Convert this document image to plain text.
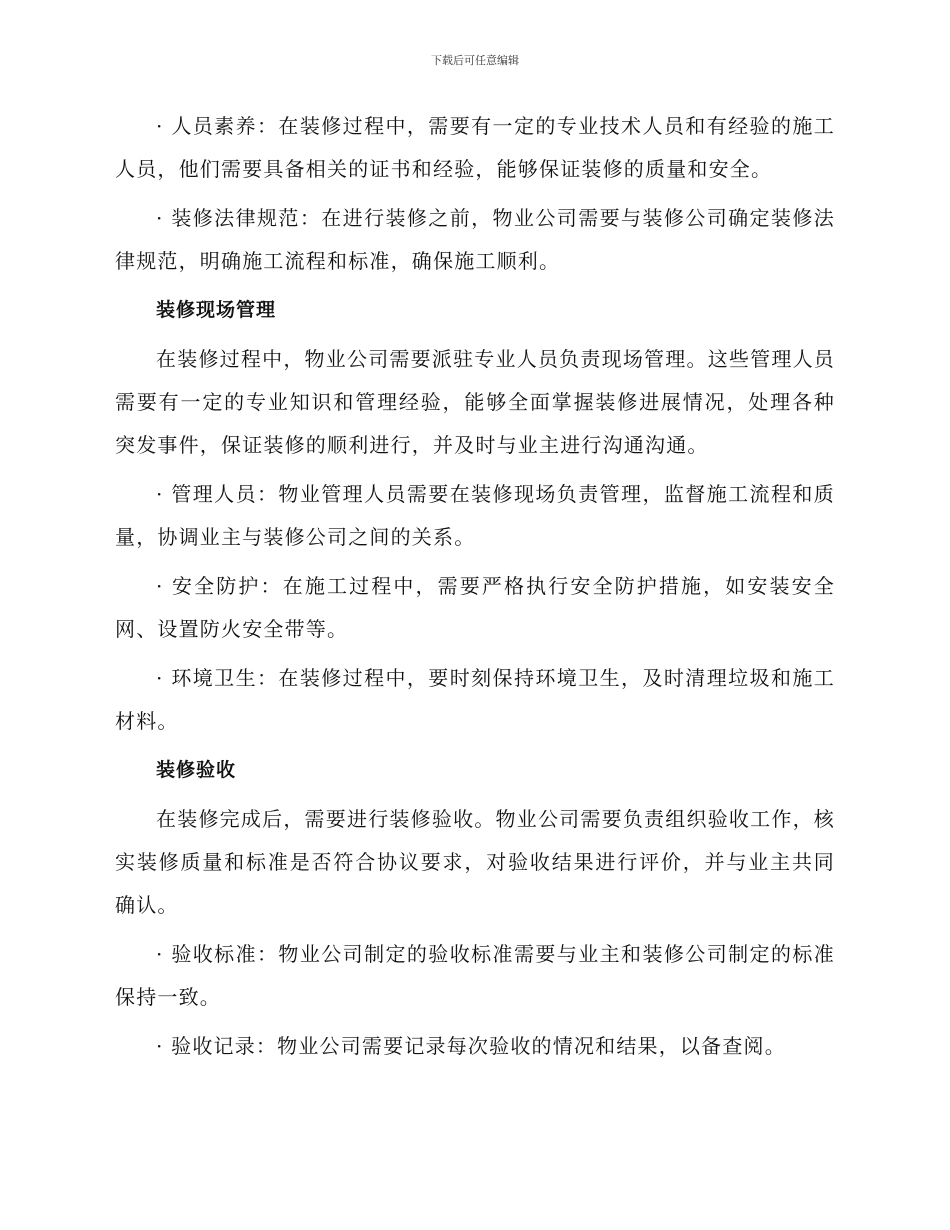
下载后可任意编辑

· 人员素养：在装修过程中，需要有一定的专业技术人员和有经验的施工人员，他们需要具备相关的证书和经验，能够保证装修的质量和安全。

· 装修法律规范：在进行装修之前，物业公司需要与装修公司确定装修法律规范，明确施工流程和标准，确保施工顺利。

装修现场管理

在装修过程中，物业公司需要派驻专业人员负责现场管理。这些管理人员需要有一定的专业知识和管理经验，能够全面掌握装修进展情况，处理各种突发事件，保证装修的顺利进行，并及时与业主进行沟通沟通。

· 管理人员：物业管理人员需要在装修现场负责管理，监督施工流程和质量，协调业主与装修公司之间的关系。

· 安全防护：在施工过程中，需要严格执行安全防护措施，如安装安全网、设置防火安全带等。

· 环境卫生：在装修过程中，要时刻保持环境卫生，及时清理垃圾和施工材料。

装修验收

在装修完成后，需要进行装修验收。物业公司需要负责组织验收工作，核实装修质量和标准是否符合协议要求，对验收结果进行评价，并与业主共同确认。

· 验收标准：物业公司制定的验收标准需要与业主和装修公司制定的标准保持一致。

· 验收记录：物业公司需要记录每次验收的情况和结果，以备查阅。
